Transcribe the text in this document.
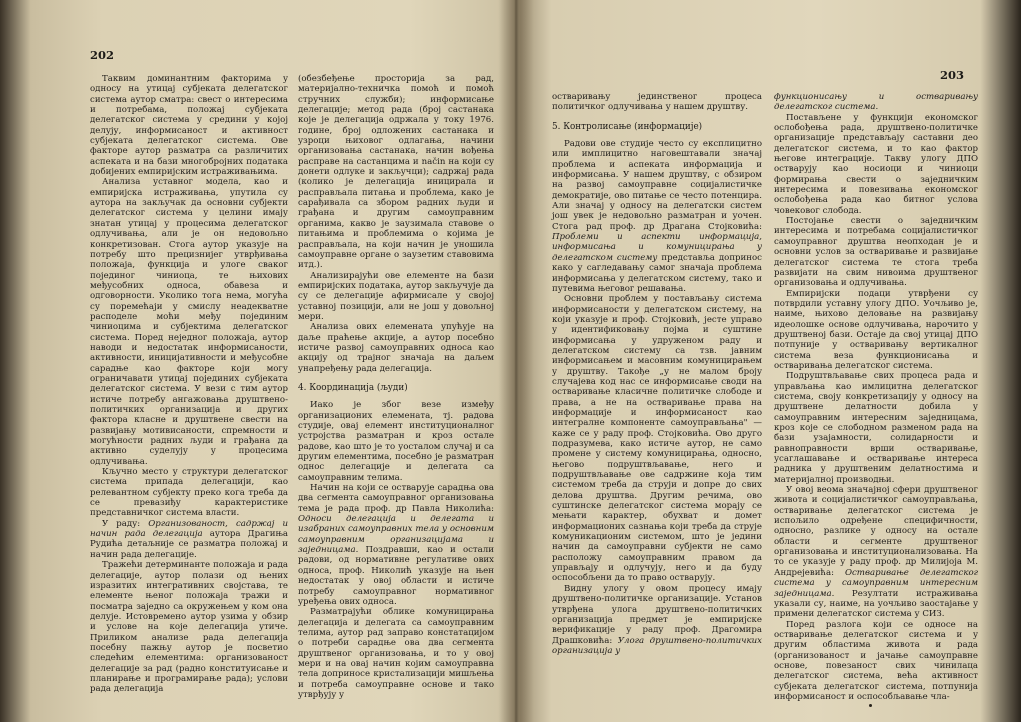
202

Таквим доминантним факторима у односу на утицај субјеката делегатског система аутор сматра: свест о интересима и потребама, положај субјеката делегатског система у средини у којој делују, информисаност и активност субјеката делегатског система. Ове факторе аутор разматра са различитих аспеката и на бази многобројних података добијених емпиријским истраживањима.

Анализа уставног модела, као и емпиријска истраживања, упутила су аутора на закључак да основни субјекти делегатског система у целини имају знатан утицај у процесима делегатског одлучивања, али је он недовољно конкретизован. Стога аутор указује на потребу што прецизнијег утврђивања положаја, функција и улоге сваког појединог чиниоца, те њихових међусобних односа, обавеза и одговорности. Уколико тога нема, могућа су поремећаји у смислу неадекватне расподеле моћи међу појединим чиниоцима и субјектима делегатског система. Поред неједног положаја, аутор наводи и недостатак информисаности, активности, иницијативности и међусобне сарадње као факторе који могу ограничавати утицај појединих субјеката делегатског система. У вези с тим аутор истиче потребу ангажовања друштвено-политичких организација и других фактора класне и друштвене свести на развијању мотивисаности, спремности и могућности радних људи и грађана да активно суделују у процесима одлучивања.

Кључно место у структури делегатског система припада делегацији, као релевантном субјекту преко кога треба да се превазиђу карактеристике представничког система власти.

У раду: Организованост, садржај и начин рада делегација аутора Драгиња Рудића детаљније се разматра положај и начин рада делегације.

Тражећи детерминанте положаја и рада делегације, аутор полази од њених изразитих интегративних својстава, те елементе њеног положаја тражи и посматра заједно са окружењем у ком она делује. Истовремено аутор узима у обзир и услове на које делегација утиче. Приликом анализе рада делегација посебну пажњу аутор је посветио следећим елементима: организованост делегације за рад (радно конституисање и планирање и програмирање рада); услови рада делегација

(обезбеђење просторија за рад, материјално-техничка помоћ и помоћ стручних служби); информисање делегације; метод рада (број састанака које је делегација одржала у току 1976. године, број одложених састанака и узроци њиховог одлагања, начини организовања састанака, начин вођења расправе на састанцима и način на који су донети одлуке и закључци); садржај рада (колико је делегација иницирала и расправљала питања и проблема, како је сарађивала са збором радних људи и грађана и другим самоуправним органима, какво је заузимала ставове о питањима и проблемима о којима је расправљала, на који начин је уношила самоуправне органе о заузетим ставовима итд.).

Анализирајући ове елементе на бази емпиријских података, аутор закључује да су се делегације афирмисале у својој уставној позицији, али не још у довољној мери.

Анализа ових елемената упућује на даље праћење акције, а аутор посебно истиче развој самоуправних односа као акцију од трајног значаја на даљем унапређењу рада делегација.

4. Координација (људи)

Иако је због везе између организационих елемената, тј. радова студије, овај елемент институционалног устројства разматран и кроз остале радове, као што је то уосталом случај и са другим елементима, посебно је разматран однос делегације и делегата са самоуправним телима.

Начин на који се остварује сарадња ова два сегмента самоуправног организовања тема је рада проф. др Павла Николића: Односи делегација и делегата и изабраних самоуправних тела у основним самоуправним организацијама и заједницама. Поздравши, као и остали радови, од нормативне регулативе ових односа, проф. Николић указује на њен недостатак у овој области и истиче потребу самоуправног нормативног уређења ових односа.

Разматрајући облике комуницирања делегација и делегата са самоуправним телима, аутор рад заправо констатацијом о потреби сарадње ова два сегмента друштвеног организовања, и то у овој мери и на овај начин којим самоуправна тела доприносе кристализацији мишљења и потреба самоуправне основе и тако утврђују у

203

остваривању јединственог процеса политичког одлучивања у нашем друштву.

5. Контролисање (информације)

Радови ове студије често су експлицитно или имплицитно наговештавали значај проблема и аспеката информација и информисања. У нашем друштву, с обзиром на развој самоуправне социјалистичке демократије, ово питање се често потенцира. Али значај у односу на делегатски систем још увек је недовољно разматран и уочен. Стога рад проф. др Драгана Стојковића: Проблеми и аспекти информација, информисања и комуницирања у делегатском систему представља допринос како у сагледавању самог значаја проблема информисања у делегатском систему, тако и путевима његовог решавања.

Основни проблем у постављању система информисаности у делегатском систему, на који указује и проф. Стојковић, јесте управо у идентификовању појма и суштине информисања у удруженом раду и делегатском систему са тзв. јавним информисањем и масовним комуницирањем у друштву. Такође „у не малом броју случајева код нас се информисање своди на остваривање класичне политичке слободе и права, а не на остваривање права на информације и информисаност као интегралне компоненте самоуправљања" — каже се у раду проф. Стојковића. Ово друго подразумева, како истиче аутор, не само промене у систему комуницирања, односно, његово подруштвљавање, него и подруштвљавање ове садржине која тим системом треба да струји и допре до свих делова друштва. Другим речима, ово суштинске делегатског система морају се мењати карактер, обухват и домет информационих сазнања који треба да струје комуникационим системом, што је једини начин да самоуправни субјекти не само расположу самоуправним правом да управљају и одлучују, него и да буду оспособљени да то право остварују.

Видну улогу у овом процесу имају друштвено-политичке организације. Установ утврђена улога друштвено-политичких организација предмет је емпиријске верификације у раду проф. Драгомира Драшковића: Улога друштвено-политичких организација у

функционисању и остваривању делегатског система.

Постављене у функцији економског ослобођења рада, друштвено-политичке организације представљају саставни део делегатског система, и то као фактор његове интеграције. Такву улогу ДПО остварују као носиоци и чиниоци формирања свести о заједничким интересима и повезивања економског ослобођења рада као битног услова човековог слобода.

Постојање свести о заједничким интересима и потребама социјалистичког самоуправног друштва неопходан је и основни услов за остваривање и развијање делегатског система те стога треба развијати на свим нивоима друштвеног организовања и одлучивања.

Емпиријски подаци утврђени су потврдили уставну улогу ДПО. Уочљиво је, наиме, њихово деловање на развијању идеолошке основе одлучивања, нарочито у друштвеној бази. Остаје да свој утицај ДПО потпуније у остваривању вертикалног система веза функционисања и остваривања делегатског система.

Подруштвљавање свих процеса рада и управљања као имлицитна делегатског система, своју конкретизацију у односу на друштвене делатности добила у самоуправним интересним заједницама, кроз које се слободном разменом рада на бази узајамности, солидарности и равноправности врши остваривање, усаглашавање и остваривање интереса радника у друштвеним делатностима и материјалној производњи.

У овој веома значајној сфери друштвеног живота и социјалистичког самоуправљања, остваривање делегатског система је испољило одређене специфичности, односно, разлике у односу на остале области и сегменте друштвеног организовања и институционализовања. На то се указује у раду проф. др Милијоја М. Андрејевића: Остваривање делегатског система у самоуправним интересним заједницама. Резултати истраживања указали су, наиме, на уочљиво заостајање у примени делегатског система у СИЗ.

Поред разлога који се односе на остваривање делегатског система и у другим областима живота и рада (организованост и јачање самоуправне основе, повезаност свих чинилаца делегатског система, већа активност субјеката делегатског система, потпунија информисаност и оспособљавање чла-
